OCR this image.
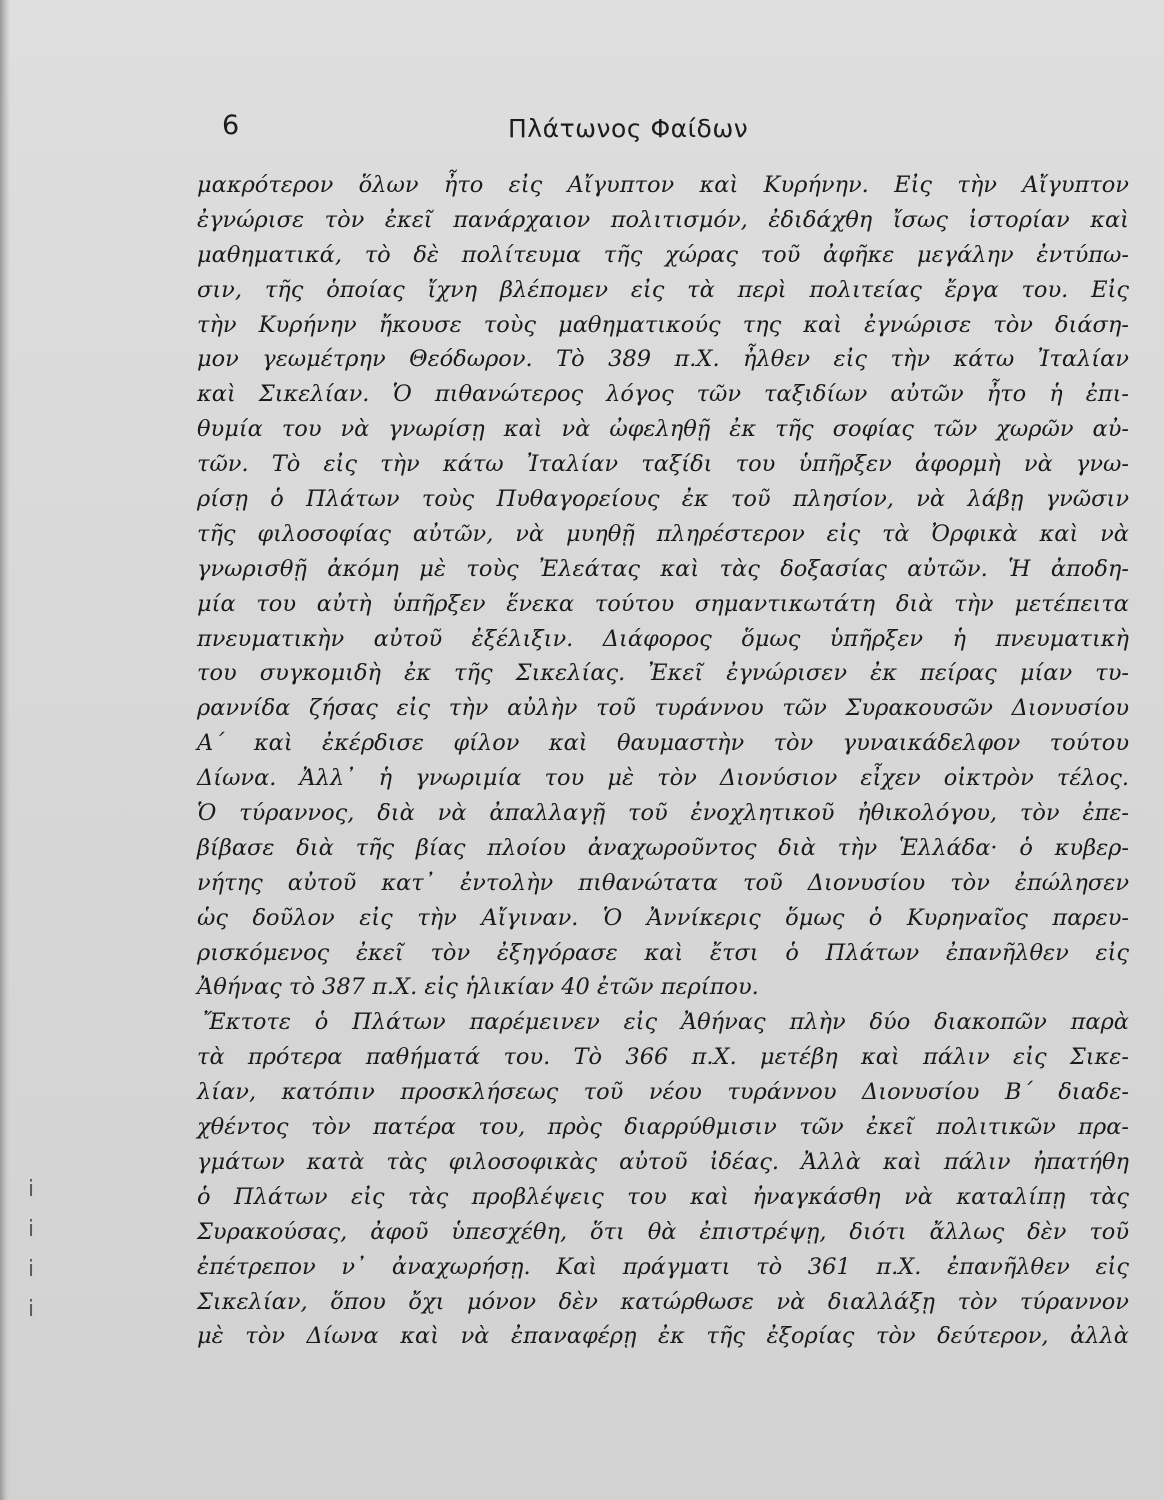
6	Πλάτωνος Φαίδων
μακρότερον ὅλων ἦτο εἰς Αἴγυπτον καὶ Κυρήνην. Εἰς τὴν Αἴγυπτον
ἐγνώρισε τὸν ἐκεῖ πανάρχαιον πολιτισμόν, ἐδιδάχθη ἴσως ἱστορίαν καὶ
μαθηματικά, τὸ δὲ πολίτευμα τῆς χώρας τοῦ ἀφῆκε μεγάλην ἐντύπω-
σιν, τῆς ὁποίας ἴχνη βλέπομεν εἰς τὰ περὶ πολιτείας ἔργα του. Εἰς
τὴν Κυρήνην ἤκουσε τοὺς μαθηματικούς της καὶ ἐγνώρισε τὸν διάση-
μον γεωμέτρην Θεόδωρον. Τὸ 389 π.Χ. ἦλθεν εἰς τὴν κάτω Ἰταλίαν
καὶ Σικελίαν. Ὁ πιθανώτερος λόγος τῶν ταξιδίων αὐτῶν ἦτο ἡ ἐπι-
θυμία του νὰ γνωρίσῃ καὶ νὰ ὠφεληθῇ ἐκ τῆς σοφίας τῶν χωρῶν αὐ-
τῶν. Τὸ εἰς τὴν κάτω Ἰταλίαν ταξίδι του ὑπῆρξεν ἀφορμὴ νὰ γνω-
ρίσῃ ὁ Πλάτων τοὺς Πυθαγορείους ἐκ τοῦ πλησίον, νὰ λάβῃ γνῶσιν
τῆς φιλοσοφίας αὐτῶν, νὰ μυηθῇ πληρέστερον εἰς τὰ Ὀρφικὰ καὶ νὰ
γνωρισθῇ ἀκόμη μὲ τοὺς Ἐλεάτας καὶ τὰς δοξασίας αὐτῶν. Ἡ ἀποδη-
μία του αὐτὴ ὑπῆρξεν ἕνεκα τούτου σημαντικωτάτη διὰ τὴν μετέπειτα
πνευματικὴν αὐτοῦ ἐξέλιξιν. Διάφορος ὅμως ὑπῆρξεν ἡ πνευματικὴ
του συγκομιδὴ ἐκ τῆς Σικελίας. Ἐκεῖ ἐγνώρισεν ἐκ πείρας μίαν τυ-
ραννίδα ζήσας εἰς τὴν αὐλὴν τοῦ τυράννου τῶν Συρακουσῶν Διονυσίου
Α΄ καὶ ἐκέρδισε φίλον καὶ θαυμαστὴν τὸν γυναικάδελφον τούτου
Δίωνα. Ἀλλ᾽ ἡ γνωριμία του μὲ τὸν Διονύσιον εἶχεν οἰκτρὸν τέλος.
Ὁ τύραννος, διὰ νὰ ἀπαλλαγῇ τοῦ ἐνοχλητικοῦ ἠθικολόγου, τὸν ἐπε-
βίβασε διὰ τῆς βίας πλοίου ἀναχωροῦντος διὰ τὴν Ἑλλάδα· ὁ κυβερ-
νήτης αὐτοῦ κατ᾽ ἐντολὴν πιθανώτατα τοῦ Διονυσίου τὸν ἐπώλησεν
ὡς δοῦλον εἰς τὴν Αἴγιναν. Ὁ Ἀννίκερις ὅμως ὁ Κυρηναῖος παρευ-
ρισκόμενος ἐκεῖ τὸν ἐξηγόρασε καὶ ἔτσι ὁ Πλάτων ἐπανῆλθεν εἰς
Ἀθήνας τὸ 387 π.Χ. εἰς ἡλικίαν 40 ἐτῶν περίπου.
Ἔκτοτε ὁ Πλάτων παρέμεινεν εἰς Ἀθήνας πλὴν δύο διακοπῶν παρὰ
τὰ πρότερα παθήματά του. Τὸ 366 π.Χ. μετέβη καὶ πάλιν εἰς Σικε-
λίαν, κατόπιν προσκλήσεως τοῦ νέου τυράννου Διονυσίου Β΄ διαδε-
χθέντος τὸν πατέρα του, πρὸς διαρρύθμισιν τῶν ἐκεῖ πολιτικῶν πρα-
γμάτων κατὰ τὰς φιλοσοφικὰς αὐτοῦ ἰδέας. Ἀλλὰ καὶ πάλιν ἠπατήθη
ὁ Πλάτων εἰς τὰς προβλέψεις του καὶ ἠναγκάσθη νὰ καταλίπῃ τὰς
Συρακούσας, ἀφοῦ ὑπεσχέθη, ὅτι θὰ ἐπιστρέψῃ, διότι ἄλλως δὲν τοῦ
ἐπέτρεπον ν᾽ ἀναχωρήσῃ. Καὶ πράγματι τὸ 361 π.Χ. ἐπανῆλθεν εἰς
Σικελίαν, ὅπου ὄχι μόνον δὲν κατώρθωσε νὰ διαλλάξῃ τὸν τύραννον
μὲ τὸν Δίωνα καὶ νὰ ἐπαναφέρῃ ἐκ τῆς ἐξορίας τὸν δεύτερον, ἀλλὰ
ⅰ
ⅰ
ⅰ
ⅰ
